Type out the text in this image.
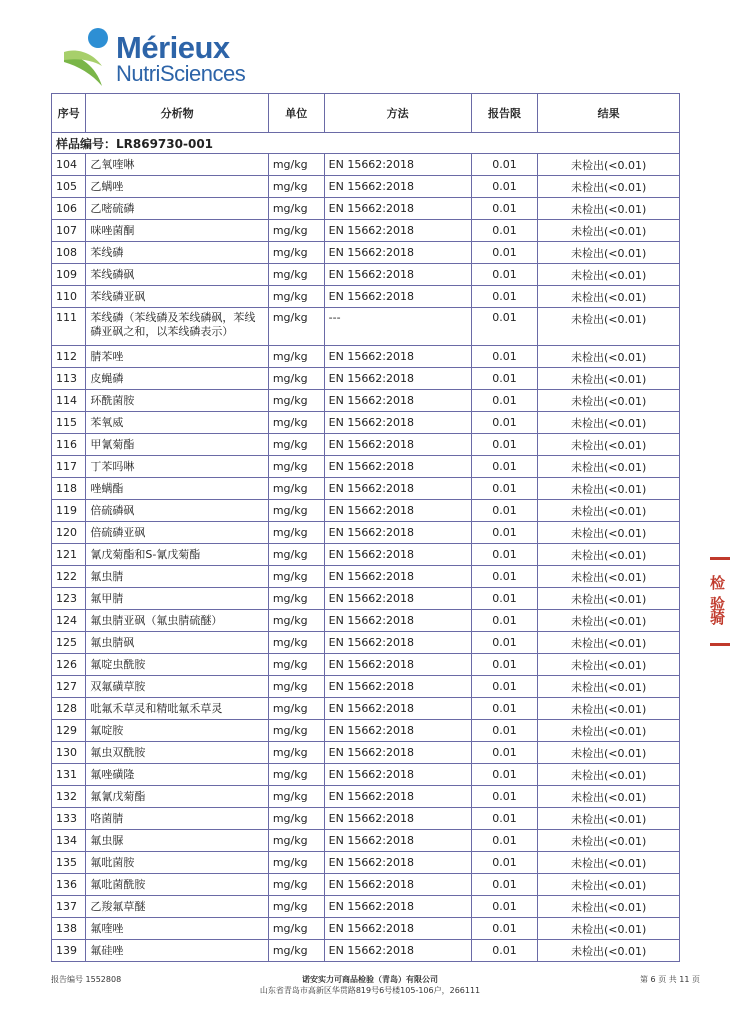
Mérieux
NutriSciences
序号	分析物	单位	方法	报告限	结果
样品编号：LR869730-001					
104	乙氧喹啉	mg/kg	EN 15662:2018	0.01	未检出(<0.01)
105	乙螨唑	mg/kg	EN 15662:2018	0.01	未检出(<0.01)
106	乙嘧硫磷	mg/kg	EN 15662:2018	0.01	未检出(<0.01)
107	咪唑菌酮	mg/kg	EN 15662:2018	0.01	未检出(<0.01)
108	苯线磷	mg/kg	EN 15662:2018	0.01	未检出(<0.01)
109	苯线磷砜	mg/kg	EN 15662:2018	0.01	未检出(<0.01)
110	苯线磷亚砜	mg/kg	EN 15662:2018	0.01	未检出(<0.01)
111	苯线磷（苯线磷及苯线磷砜，苯线磷亚砜之和，以苯线磷表示）	mg/kg	---	0.01	未检出(<0.01)
112	腈苯唑	mg/kg	EN 15662:2018	0.01	未检出(<0.01)
113	皮蝇磷	mg/kg	EN 15662:2018	0.01	未检出(<0.01)
114	环酰菌胺	mg/kg	EN 15662:2018	0.01	未检出(<0.01)
115	苯氧威	mg/kg	EN 15662:2018	0.01	未检出(<0.01)
116	甲氰菊酯	mg/kg	EN 15662:2018	0.01	未检出(<0.01)
117	丁苯吗啉	mg/kg	EN 15662:2018	0.01	未检出(<0.01)
118	唑螨酯	mg/kg	EN 15662:2018	0.01	未检出(<0.01)
119	倍硫磷砜	mg/kg	EN 15662:2018	0.01	未检出(<0.01)
120	倍硫磷亚砜	mg/kg	EN 15662:2018	0.01	未检出(<0.01)
121	氰戊菊酯和S-氰戊菊酯	mg/kg	EN 15662:2018	0.01	未检出(<0.01)
122	氟虫腈	mg/kg	EN 15662:2018	0.01	未检出(<0.01)
123	氟甲腈	mg/kg	EN 15662:2018	0.01	未检出(<0.01)
124	氟虫腈亚砜（氟虫腈硫醚）	mg/kg	EN 15662:2018	0.01	未检出(<0.01)
125	氟虫腈砜	mg/kg	EN 15662:2018	0.01	未检出(<0.01)
126	氟啶虫酰胺	mg/kg	EN 15662:2018	0.01	未检出(<0.01)
127	双氟磺草胺	mg/kg	EN 15662:2018	0.01	未检出(<0.01)
128	吡氟禾草灵和精吡氟禾草灵	mg/kg	EN 15662:2018	0.01	未检出(<0.01)
129	氟啶胺	mg/kg	EN 15662:2018	0.01	未检出(<0.01)
130	氟虫双酰胺	mg/kg	EN 15662:2018	0.01	未检出(<0.01)
131	氟唑磺隆	mg/kg	EN 15662:2018	0.01	未检出(<0.01)
132	氟氰戊菊酯	mg/kg	EN 15662:2018	0.01	未检出(<0.01)
133	咯菌腈	mg/kg	EN 15662:2018	0.01	未检出(<0.01)
134	氟虫脲	mg/kg	EN 15662:2018	0.01	未检出(<0.01)
135	氟吡菌胺	mg/kg	EN 15662:2018	0.01	未检出(<0.01)
136	氟吡菌酰胺	mg/kg	EN 15662:2018	0.01	未检出(<0.01)
137	乙羧氟草醚	mg/kg	EN 15662:2018	0.01	未检出(<0.01)
138	氟喹唑	mg/kg	EN 15662:2018	0.01	未检出(<0.01)
139	氟硅唑	mg/kg	EN 15662:2018	0.01	未检出(<0.01)
检验
骑
报告编号 1552808	诺安实力可商品检验（青岛）有限公司
山东省青岛市高新区华贯路819号6号楼105-106户，266111
第 6 页 共 11 页
